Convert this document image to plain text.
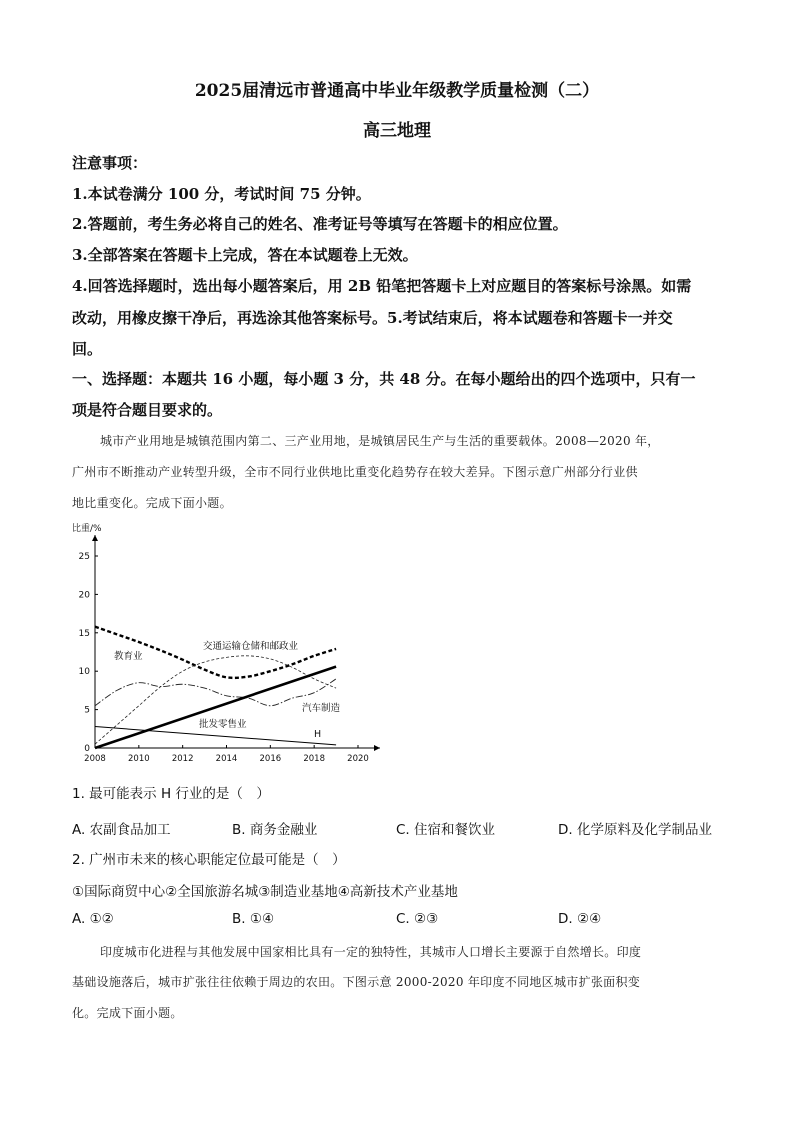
2025届清远市普通高中毕业年级教学质量检测（二）
高三地理
注意事项：
1.本试卷满分 100 分，考试时间 75 分钟。
2.答题前，考生务必将自己的姓名、准考证号等填写在答题卡的相应位置。
3.全部答案在答题卡上完成，答在本试题卷上无效。
4.回答选择题时，选出每小题答案后，用 2B 铅笔把答题卡上对应题目的答案标号涂黑。如需
改动，用橡皮擦干净后，再选涂其他答案标号。5.考试结束后，将本试题卷和答题卡一并交
回。
一、选择题：本题共 16 小题，每小题 3 分，共 48 分。在每小题给出的四个选项中，只有一
项是符合题目要求的。
城市产业用地是城镇范围内第二、三产业用地，是城镇居民生产与生活的重要载体。2008—2020 年，
广州市不断推动产业转型升级，全市不同行业供地比重变化趋势存在较大差异。下图示意广州部分行业供
地比重变化。完成下面小题。
比重/%
0
5
10
15
20
25
2008	2010	2012	2014	2016	2018	2020
交通运输仓储和邮政业
教育业
汽车制造
批发零售业
H
1. 最可能表示 H 行业的是（　）
A. 农副食品加工	B. 商务金融业	C. 住宿和餐饮业	D. 化学原料及化学制品业
2. 广州市未来的核心职能定位最可能是（　）
①国际商贸中心②全国旅游名城③制造业基地④高新技术产业基地
A. ①②	B. ①④	C. ②③	D. ②④
印度城市化进程与其他发展中国家相比具有一定的独特性，其城市人口增长主要源于自然增长。印度
基础设施落后，城市扩张往往依赖于周边的农田。下图示意 2000-2020 年印度不同地区城市扩张面积变
化。完成下面小题。
